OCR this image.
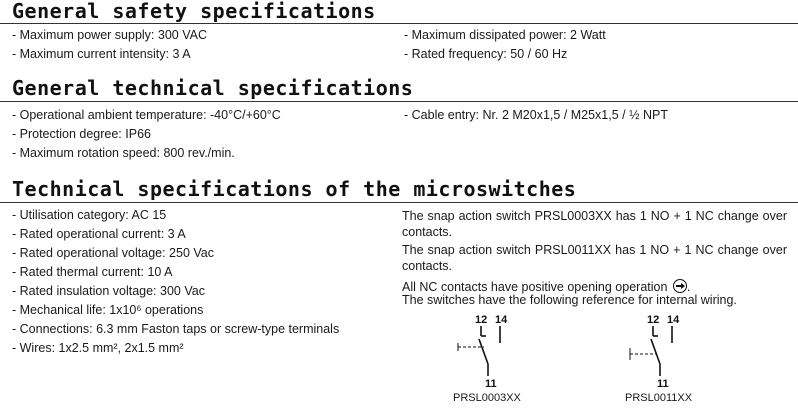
General safety specifications
- Maximum power supply: 300 VAC
- Maximum current intensity: 3 A
- Maximum dissipated power: 2 Watt
- Rated frequency: 50 / 60 Hz
General technical specifications
- Operational ambient temperature: -40°C/+60°C
- Protection degree: IP66
- Maximum rotation speed: 800 rev./min.
- Cable entry: Nr. 2 M20x1,5 / M25x1,5 / ½ NPT
Technical specifications of the microswitches
- Utilisation category: AC 15
- Rated operational current: 3 A
- Rated operational voltage: 250 Vac
- Rated thermal current: 10 A
- Rated insulation voltage: 300 Vac
- Mechanical life: 1x10⁶ operations
- Connections: 6.3 mm Faston taps or screw-type terminals
- Wires: 1x2.5 mm², 2x1.5 mm²
The snap action switch PRSL0003XX has 1 NO + 1 NC change over contacts.
The snap action switch PRSL0011XX has 1 NO + 1 NC change over contacts.
All NC contacts have positive opening operation .
The switches have the following reference for internal wiring.
12 14
11
PRSL0003XX
12 14
11
PRSL0011XX
